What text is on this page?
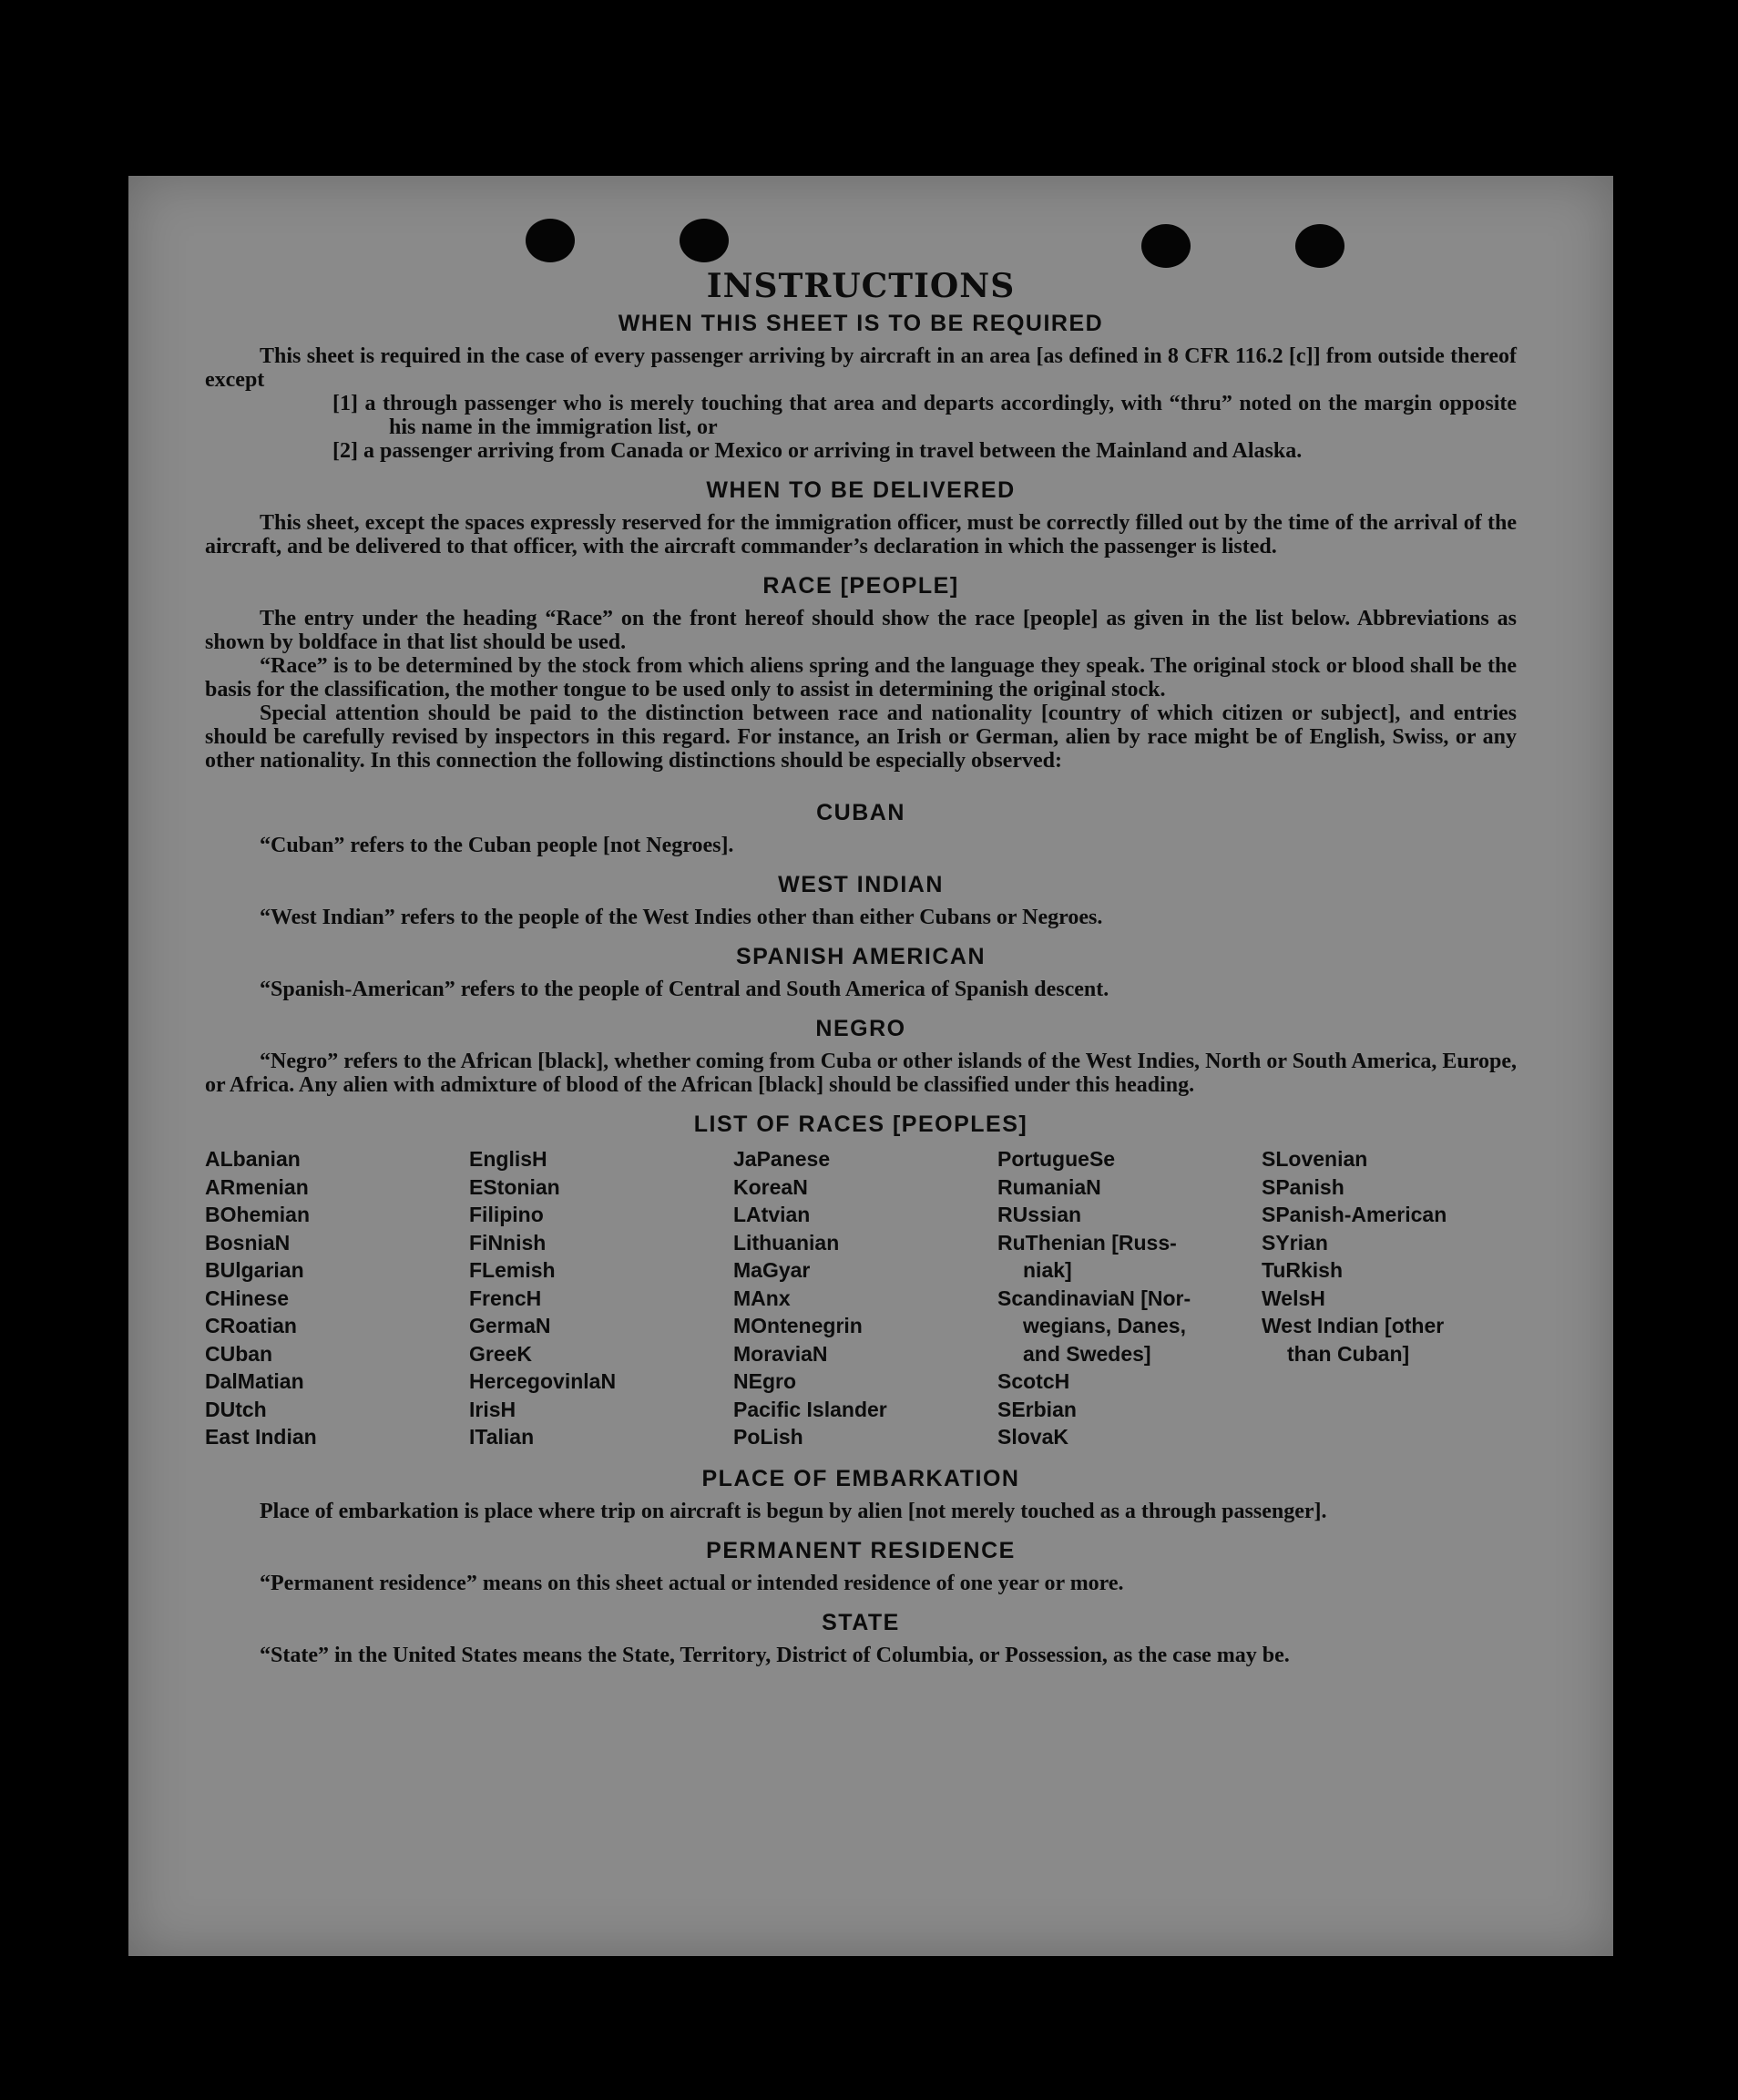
INSTRUCTIONS
WHEN THIS SHEET IS TO BE REQUIRED

This sheet is required in the case of every passenger arriving by aircraft in an area [as defined in 8 CFR 116.2 [c]] from outside thereof except

[1] a through passenger who is merely touching that area and departs accordingly, with “thru” noted on the margin opposite his name in the immigration list, or

[2] a passenger arriving from Canada or Mexico or arriving in travel between the Mainland and Alaska.

WHEN TO BE DELIVERED

This sheet, except the spaces expressly reserved for the immigration officer, must be correctly filled out by the time of the arrival of the aircraft, and be delivered to that officer, with the aircraft commander’s declaration in which the passenger is listed.

RACE [PEOPLE]

The entry under the heading “Race” on the front hereof should show the race [people] as given in the list below. Abbreviations as shown by boldface in that list should be used.

“Race” is to be determined by the stock from which aliens spring and the language they speak. The original stock or blood shall be the basis for the classification, the mother tongue to be used only to assist in determining the original stock.

Special attention should be paid to the distinction between race and nationality [country of which citizen or subject], and entries should be carefully revised by inspectors in this regard. For instance, an Irish or German, alien by race might be of English, Swiss, or any other nationality. In this connection the following distinctions should be especially observed:

CUBAN

“Cuban” refers to the Cuban people [not Negroes].

WEST INDIAN

“West Indian” refers to the people of the West Indies other than either Cubans or Negroes.

SPANISH AMERICAN

“Spanish-American” refers to the people of Central and South America of Spanish descent.

NEGRO

“Negro” refers to the African [black], whether coming from Cuba or other islands of the West Indies, North or South America, Europe, or Africa. Any alien with admixture of blood of the African [black] should be classified under this heading.

LIST OF RACES [PEOPLES]
ALbanian
ARmenian
BOhemian
BosniaN
BUlgarian
CHinese
CRoatian
CUban
DalMatian
DUtch
East Indian
EnglisH
EStonian
Filipino
FiNnish
FLemish
FrencH
GermaN
GreeK
HercegovinlaN
IrisH
ITalian
JaPanese
KoreaN
LAtvian
Lithuanian
MaGyar
MAnx
MOntenegrin
MoraviaN
NEgro
Pacific Islander
PoLish
PortugueSe
RumaniaN
RUssian
RuThenian [Russ-
niak]
ScandinaviaN [Nor-
wegians, Danes,
and Swedes]
ScotcH
SErbian
SlovaK
SLovenian
SPanish
SPanish-American
SYrian
TuRkish
WelsH
West Indian [other
than Cuban]
PLACE OF EMBARKATION

Place of embarkation is place where trip on aircraft is begun by alien [not merely touched as a through passenger].

PERMANENT RESIDENCE

“Permanent residence” means on this sheet actual or intended residence of one year or more.

STATE

“State” in the United States means the State, Territory, District of Columbia, or Possession, as the case may be.
